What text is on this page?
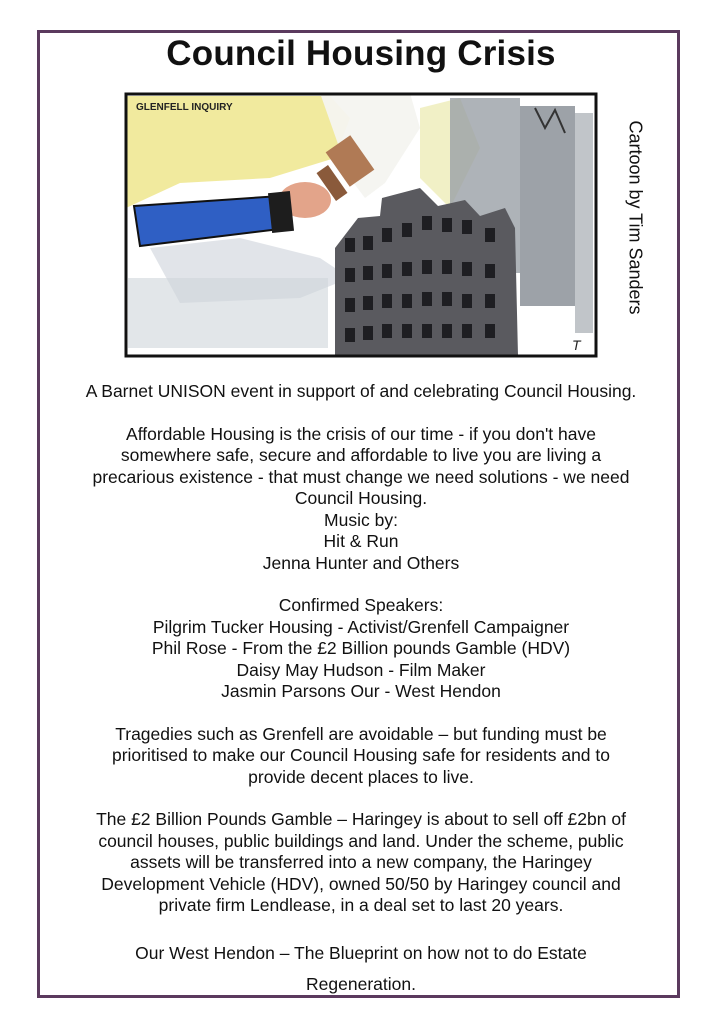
Council Housing Crisis
GLENFELL INQUIRY
T
Cartoon by Tim Sanders

A Barnet UNISON event in support of and celebrating Council Housing.

Affordable Housing is the crisis of our time - if you don't have

somewhere safe, secure and affordable to live you are living a

precarious existence - that must change we need solutions - we need

Council Housing.

Music by:

Hit & Run

Jenna Hunter and Others

Confirmed Speakers:

Pilgrim Tucker Housing - Activist/Grenfell Campaigner

Phil Rose - From the £2 Billion pounds Gamble (HDV)

Daisy May Hudson - Film Maker

Jasmin Parsons Our - West Hendon

Tragedies such as Grenfell are avoidable – but funding must be

prioritised to make our Council Housing safe for residents and to

provide decent places to live.

The £2 Billion Pounds Gamble – Haringey is about to sell off £2bn of

council houses, public buildings and land. Under the scheme, public

assets will be transferred into a new company, the Haringey

Development Vehicle (HDV), owned 50/50 by Haringey council and

private firm Lendlease, in a deal set to last 20 years.

Our West Hendon – The Blueprint on how not to do Estate

Regeneration.
